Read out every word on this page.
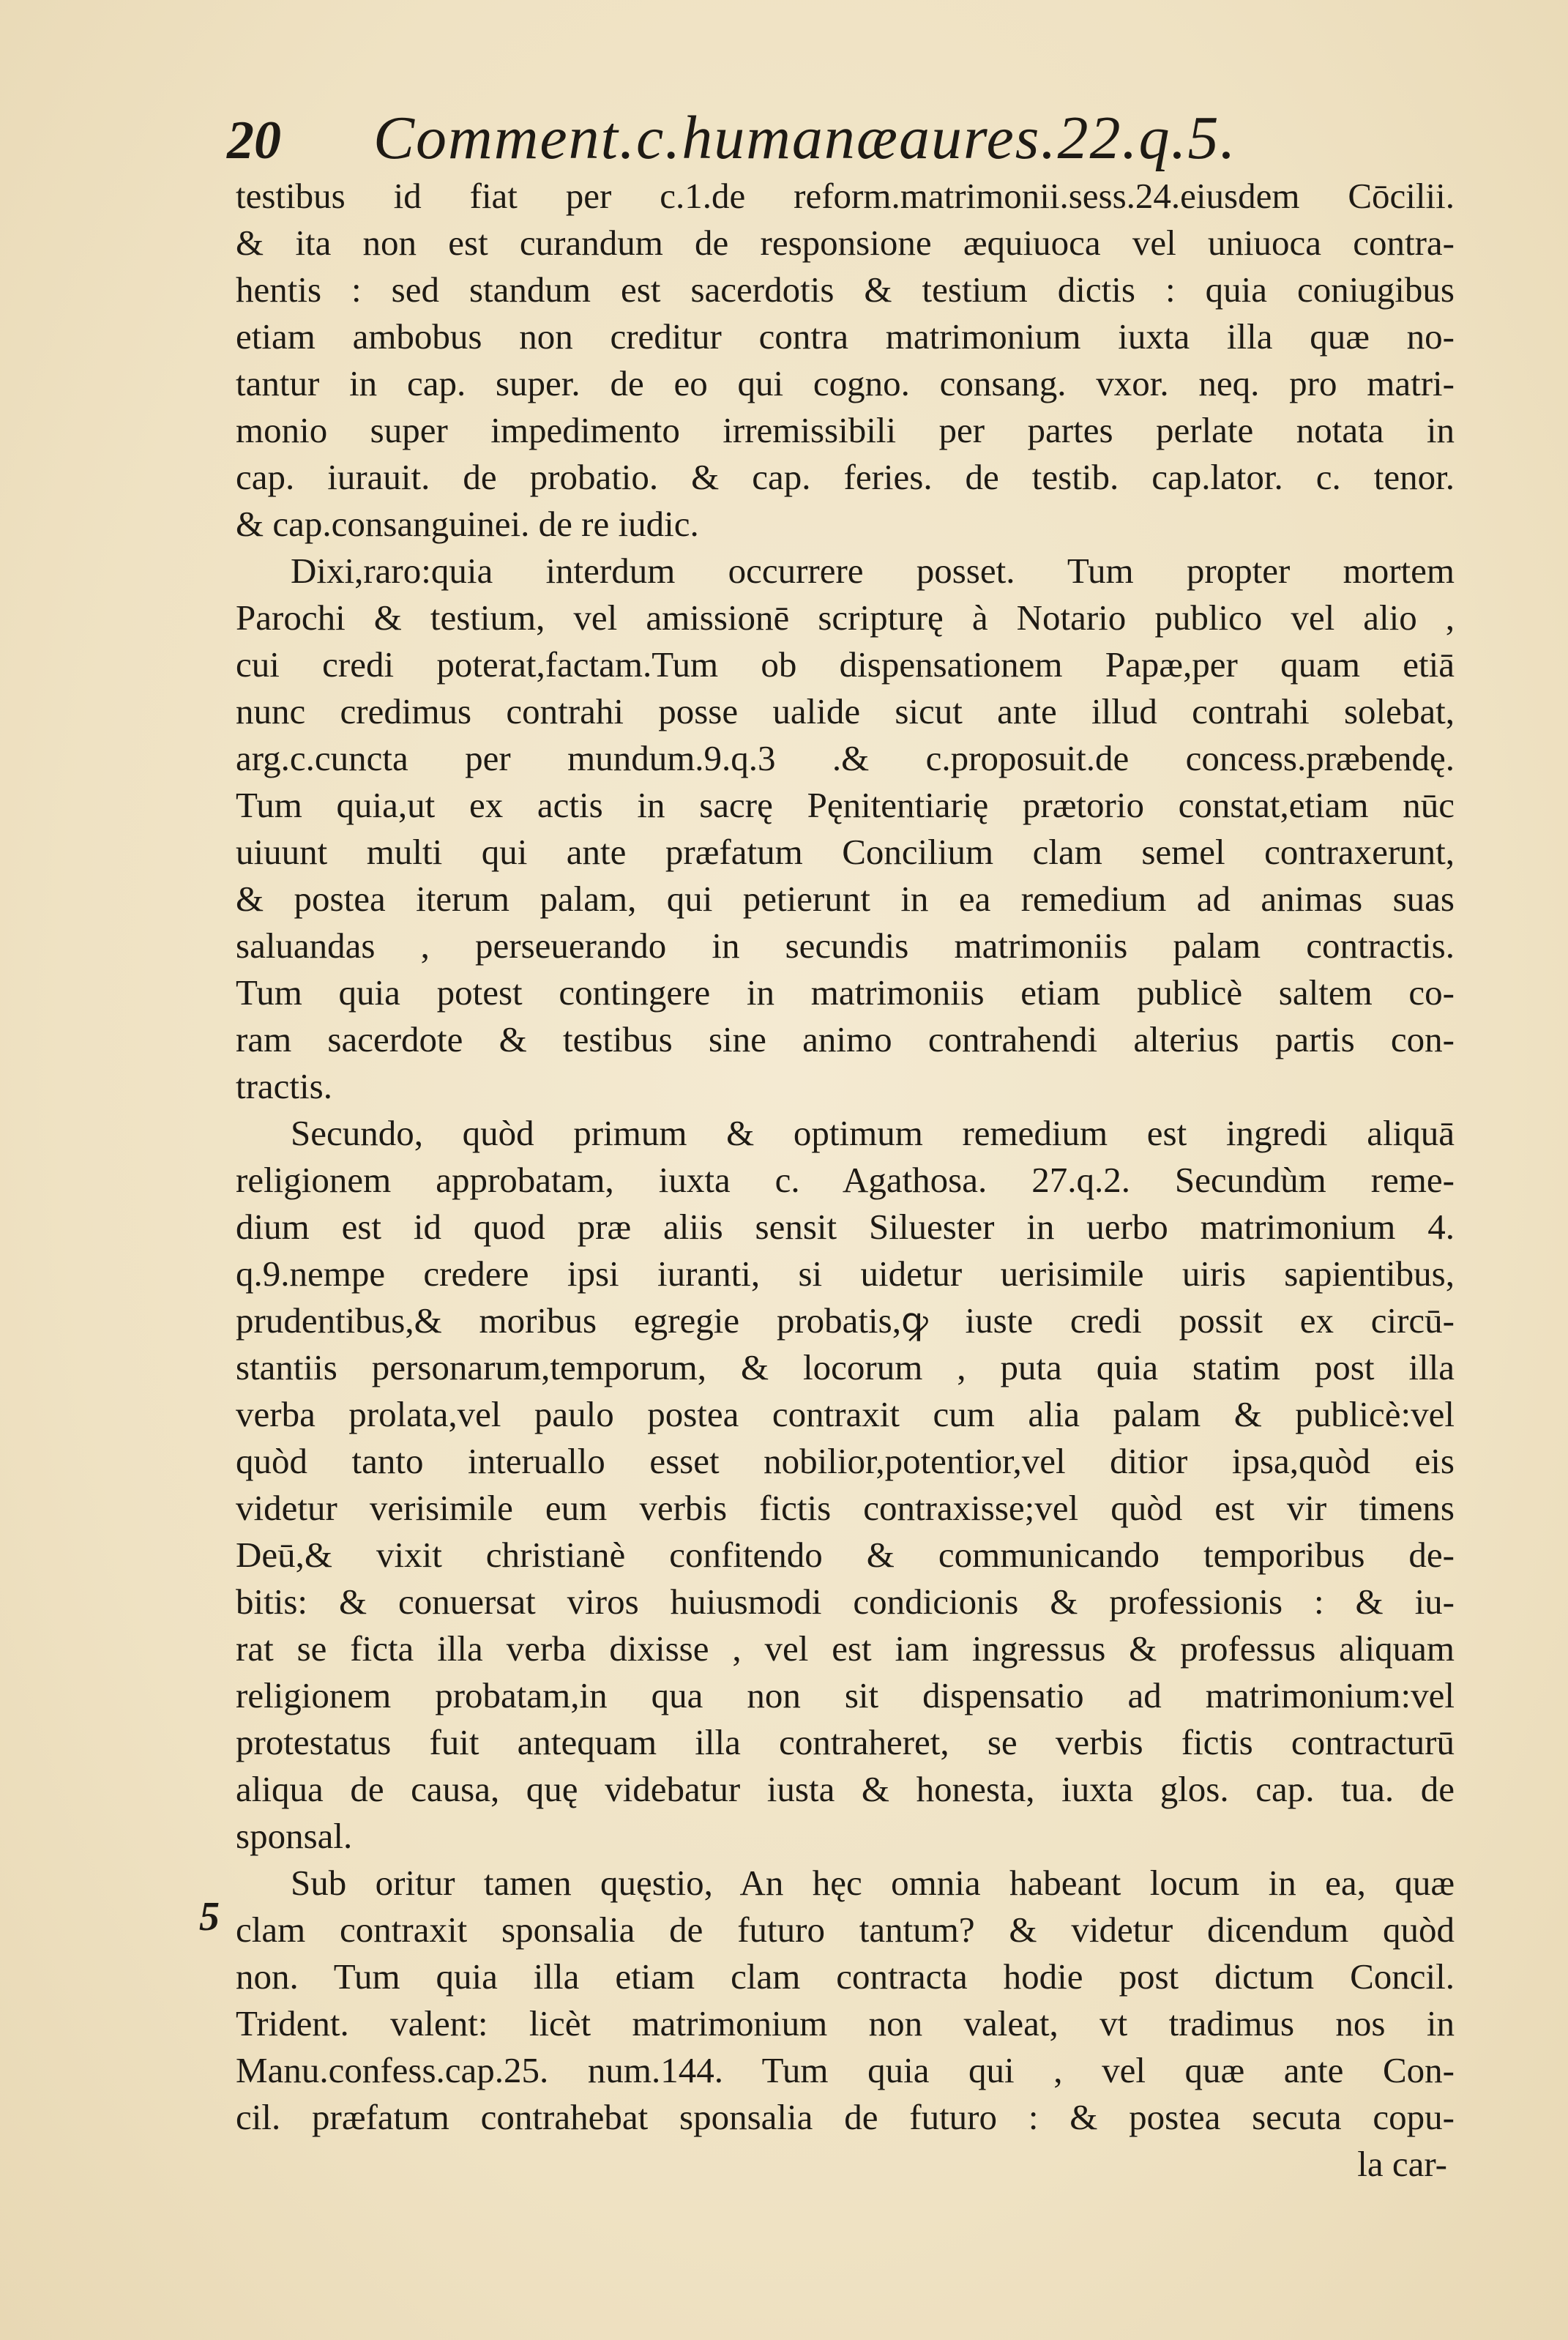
20	Comment.c.humanæaures.22.q.5.
5
testibus id fiat per c.1.de reform.matrimonii.sess.24.eiusdem Cōcilii.
& ita non est curandum de responsione æquiuoca vel uniuoca contra-
hentis : sed standum est sacerdotis & testium dictis : quia coniugibus
etiam ambobus non creditur contra matrimonium iuxta illa quæ no-
tantur in cap. super. de eo qui cogno. consang. vxor. neq. pro matri-
monio super impedimento irremissibili per partes perlate notata in
cap. iurauit. de probatio. & cap. feries. de testib. cap.lator. c. tenor.
& cap.consanguinei. de re iudic.
Dixi,raro:quia interdum occurrere posset. Tum propter mortem
Parochi & testium, vel amissionē scripturę à Notario publico vel alio ,
cui credi poterat,factam.Tum ob dispensationem Papæ,per quam etiā
nunc credimus contrahi posse ualide sicut ante illud contrahi solebat,
arg.c.cuncta per mundum.9.q.3 .& c.proposuit.de concess.præbendę.
Tum quia,ut ex actis in sacrę Pęnitentiarię prætorio constat,etiam nūc
uiuunt multi qui ante præfatum Concilium clam semel contraxerunt,
& postea iterum palam, qui petierunt in ea remedium ad animas suas
saluandas , perseuerando in secundis matrimoniis palam contractis.
Tum quia potest contingere in matrimoniis etiam publicè saltem co-
ram sacerdote & testibus sine animo contrahendi alterius partis con-
tractis.
Secundo, quòd primum & optimum remedium est ingredi aliquā
religionem approbatam, iuxta c. Agathosa. 27.q.2. Secundùm reme-
dium est id quod præ aliis sensit Siluester in uerbo matrimonium 4.
q.9.nempe credere ipsi iuranti, si uidetur uerisimile uiris sapientibus,
prudentibus,& moribus egregie probatis,ꝙ iuste credi possit ex circū-
stantiis personarum,temporum, & locorum , puta quia statim post illa
verba prolata,vel paulo postea contraxit cum alia palam & publicè:vel
quòd tanto interuallo esset nobilior,potentior,vel ditior ipsa,quòd eis
videtur verisimile eum verbis fictis contraxisse;vel quòd est vir timens
Deū,& vixit christianè confitendo & communicando temporibus de-
bitis: & conuersat viros huiusmodi condicionis & professionis : & iu-
rat se ficta illa verba dixisse , vel est iam ingressus & professus aliquam
religionem probatam,in qua non sit dispensatio ad matrimonium:vel
protestatus fuit antequam illa contraheret, se verbis fictis contracturū
aliqua de causa, quę videbatur iusta & honesta, iuxta glos. cap. tua. de
sponsal.
Sub oritur tamen quęstio, An hęc omnia habeant locum in ea, quæ
clam contraxit sponsalia de futuro tantum? & videtur dicendum quòd
non. Tum quia illa etiam clam contracta hodie post dictum Concil.
Trident. valent: licèt matrimonium non valeat, vt tradimus nos in
Manu.confess.cap.25. num.144. Tum quia qui , vel quæ ante Con-
cil. præfatum contrahebat sponsalia de futuro : & postea secuta copu-
la car-
